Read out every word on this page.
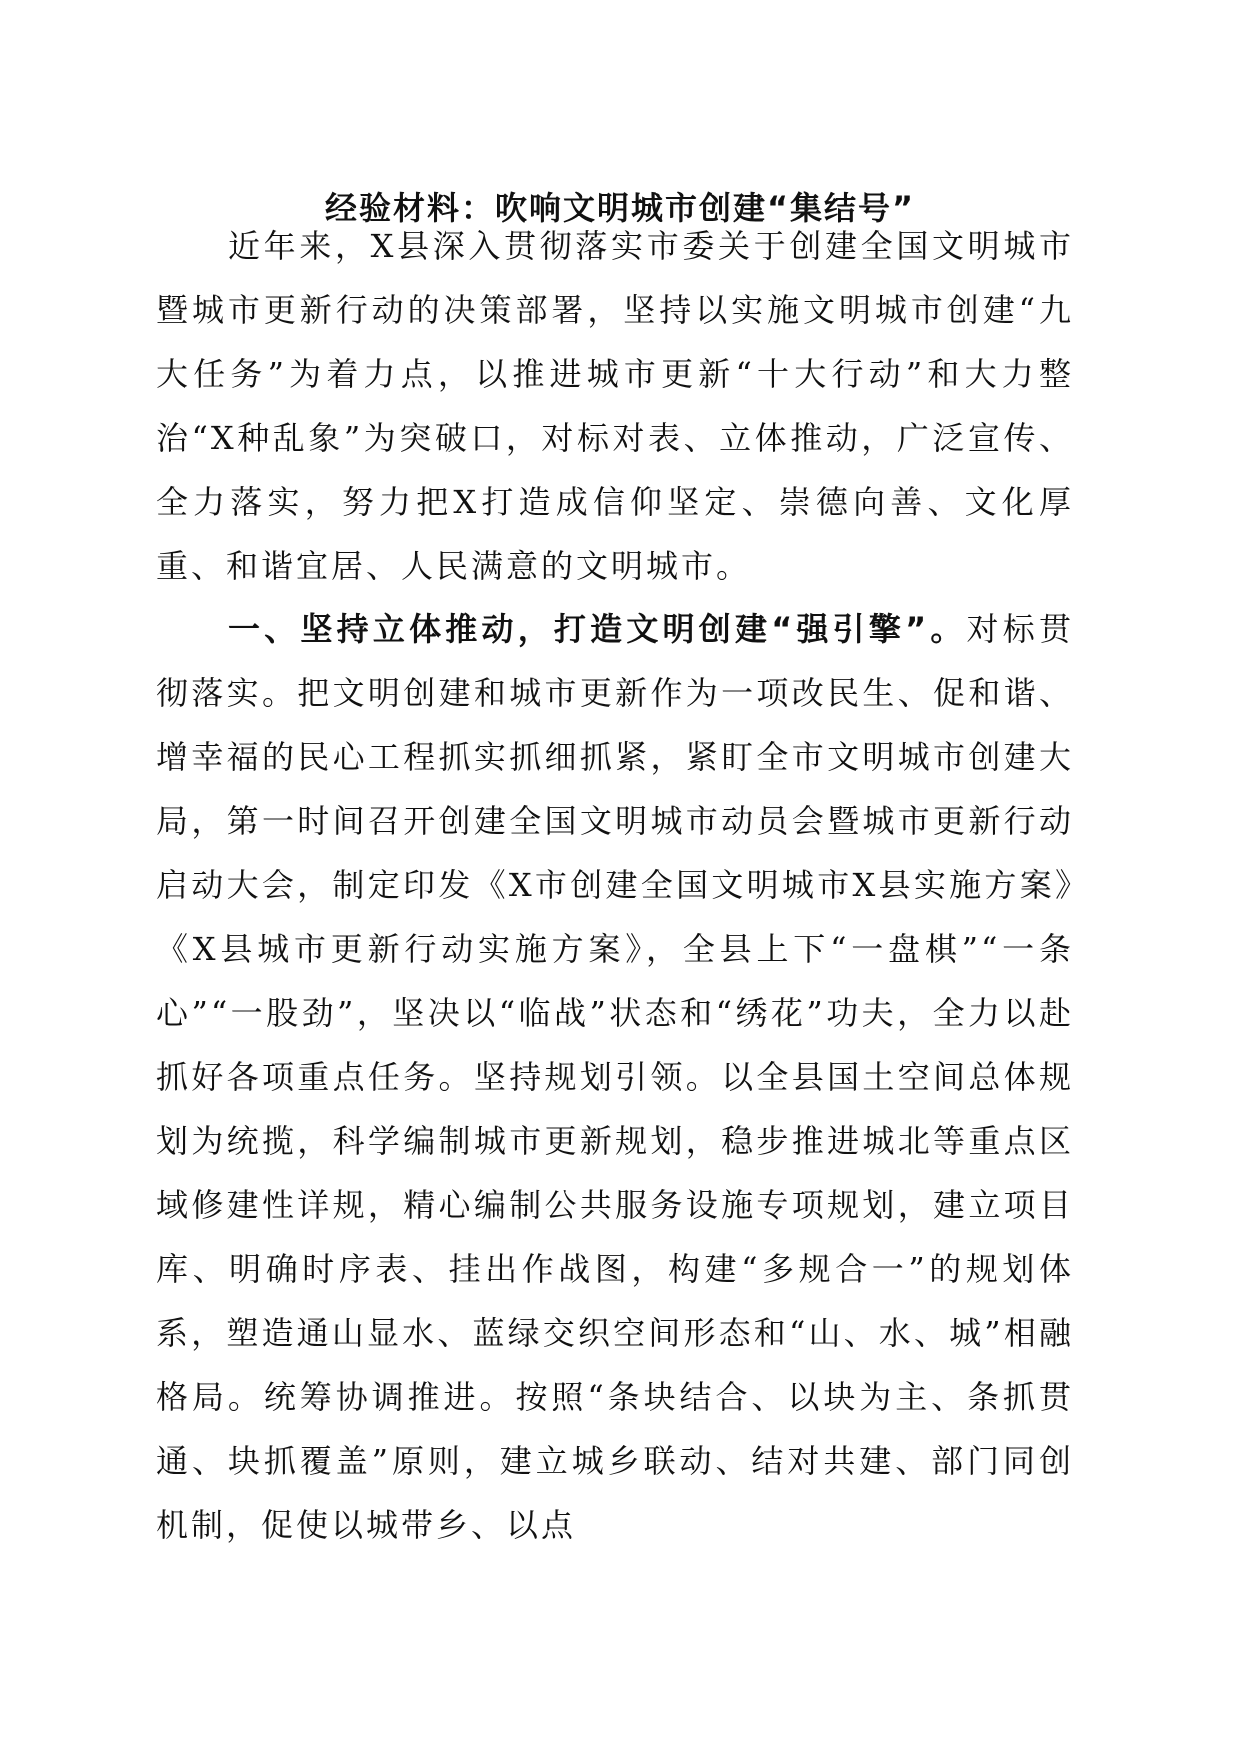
经验材料：吹响文明城市创建“集结号”

近年来，X县深入贯彻落实市委关于创建全国文明城市暨城市更新行动的决策部署，坚持以实施文明城市创建“九大任务”为着力点，以推进城市更新“十大行动”和大力整治“X种乱象”为突破口，对标对表、立体推动，广泛宣传、全力落实，努力把X打造成信仰坚定、崇德向善、文化厚重、和谐宜居、人民满意的文明城市。

一、坚持立体推动，打造文明创建“强引擎”。对标贯彻落实。把文明创建和城市更新作为一项改民生、促和谐、增幸福的民心工程抓实抓细抓紧，紧盯全市文明城市创建大局，第一时间召开创建全国文明城市动员会暨城市更新行动启动大会，制定印发《X市创建全国文明城市X县实施方案》《X县城市更新行动实施方案》，全县上下“一盘棋”“一条心”“一股劲”，坚决以“临战”状态和“绣花”功夫，全力以赴抓好各项重点任务。坚持规划引领。以全县国土空间总体规划为统揽，科学编制城市更新规划，稳步推进城北等重点区域修建性详规，精心编制公共服务设施专项规划，建立项目库、明确时序表、挂出作战图，构建“多规合一”的规划体系，塑造通山显水、蓝绿交织空间形态和“山、水、城”相融格局。统筹协调推进。按照“条块结合、以块为主、条抓贯通、块抓覆盖”原则，建立城乡联动、结对共建、部门同创机制，促使以城带乡、以点
